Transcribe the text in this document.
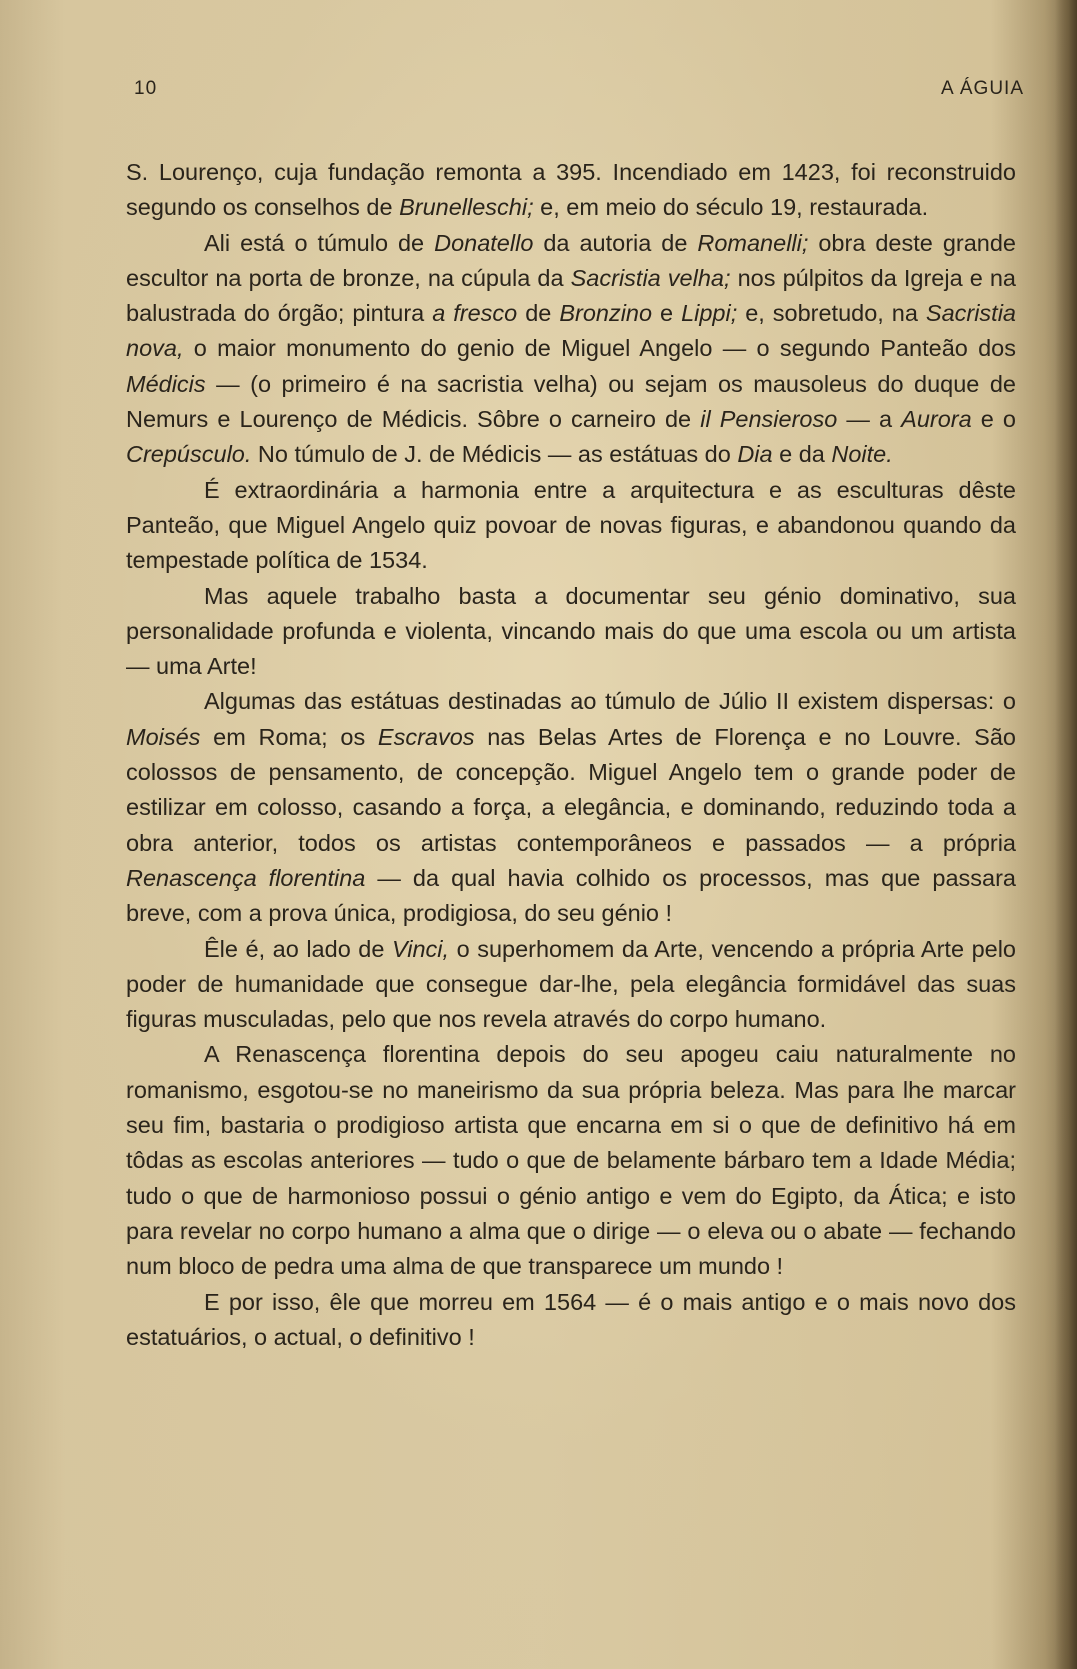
10	A ÁGUIA

S. Lourenço, cuja fundação remonta a 395. Incendiado em 1423, foi reconstruido segundo os conselhos de Brunelleschi; e, em meio do século 19, restaurada.

Ali está o túmulo de Donatello da autoria de Romanelli; obra deste grande escultor na porta de bronze, na cúpula da Sacristia velha; nos púlpitos da Igreja e na balustrada do órgão; pintura a fresco de Bronzino e Lippi; e, sobretudo, na Sacristia nova, o maior monumento do genio de Miguel Angelo — o segundo Panteão dos Médicis — (o primeiro é na sacristia velha) ou sejam os mausoleus do duque de Nemurs e Lourenço de Médicis. Sôbre o carneiro de il Pensieroso — a Aurora e o Crepúsculo. No túmulo de J. de Médicis — as estátuas do Dia e da Noite.

É extraordinária a harmonia entre a arquitectura e as esculturas dêste Panteão, que Miguel Angelo quiz povoar de novas figuras, e abandonou quando da tempestade política de 1534.

Mas aquele trabalho basta a documentar seu génio dominativo, sua personalidade profunda e violenta, vincando mais do que uma escola ou um artista — uma Arte!

Algumas das estátuas destinadas ao túmulo de Júlio II existem dispersas: o Moisés em Roma; os Escravos nas Belas Artes de Florença e no Louvre. São colossos de pensamento, de concepção. Miguel Angelo tem o grande poder de estilizar em colosso, casando a força, a elegância, e dominando, reduzindo toda a obra anterior, todos os artistas contemporâneos e passados — a própria Renascença florentina — da qual havia colhido os processos, mas que passara breve, com a prova única, prodigiosa, do seu génio !

Êle é, ao lado de Vinci, o superhomem da Arte, vencendo a própria Arte pelo poder de humanidade que consegue dar-lhe, pela elegância formidável das suas figuras musculadas, pelo que nos revela através do corpo humano.

A Renascença florentina depois do seu apogeu caiu naturalmente no romanismo, esgotou-se no maneirismo da sua própria beleza. Mas para lhe marcar seu fim, bastaria o prodigioso artista que encarna em si o que de definitivo há em tôdas as escolas anteriores — tudo o que de belamente bárbaro tem a Idade Média; tudo o que de harmonioso possui o génio antigo e vem do Egipto, da Ática; e isto para revelar no corpo humano a alma que o dirige — o eleva ou o abate — fechando num bloco de pedra uma alma de que transparece um mundo !

E por isso, êle que morreu em 1564 — é o mais antigo e o mais novo dos estatuários, o actual, o definitivo !
